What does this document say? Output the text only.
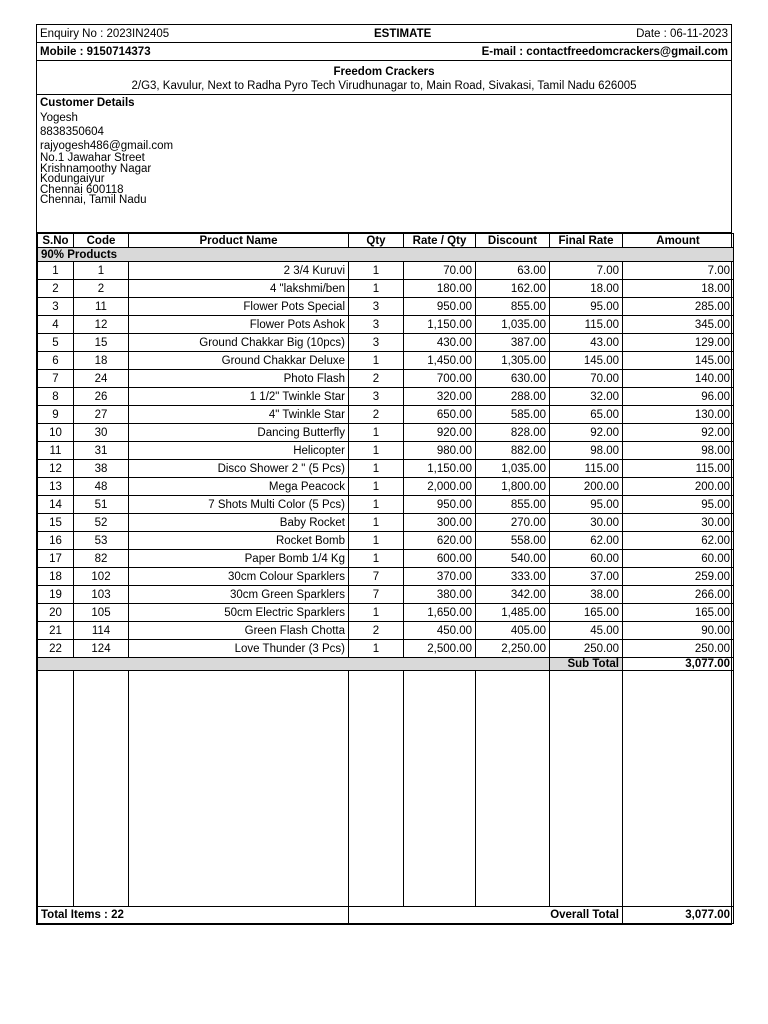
Enquiry No : 2023IN2405	ESTIMATE	Date : 06-11-2023
Mobile : 9150714373	E-mail : contactfreedomcrackers@gmail.com
Freedom Crackers
2/G3, Kavulur, Next to Radha Pyro Tech Virudhunagar to, Main Road, Sivakasi, Tamil Nadu 626005
Customer Details
Yogesh
8838350604
rajyogesh486@gmail.com
No.1 Jawahar Street
Krishnamoothy Nagar
Kodungaiyur
Chennai 600118
Chennai, Tamil Nadu
S.No	Code	Product Name	Qty	Rate / Qty	Discount	Final Rate	Amount
90% Products							
1	1	2 3/4 Kuruvi	1	70.00	63.00	7.00	7.00
2	2	4 "lakshmi/ben	1	180.00	162.00	18.00	18.00
3	11	Flower Pots Special	3	950.00	855.00	95.00	285.00
4	12	Flower Pots Ashok	3	1,150.00	1,035.00	115.00	345.00
5	15	Ground Chakkar Big (10pcs)	3	430.00	387.00	43.00	129.00
6	18	Ground Chakkar Deluxe	1	1,450.00	1,305.00	145.00	145.00
7	24	Photo Flash	2	700.00	630.00	70.00	140.00
8	26	1 1/2" Twinkle Star	3	320.00	288.00	32.00	96.00
9	27	4" Twinkle Star	2	650.00	585.00	65.00	130.00
10	30	Dancing Butterfly	1	920.00	828.00	92.00	92.00
11	31	Helicopter	1	980.00	882.00	98.00	98.00
12	38	Disco Shower 2 " (5 Pcs)	1	1,150.00	1,035.00	115.00	115.00
13	48	Mega Peacock	1	2,000.00	1,800.00	200.00	200.00
14	51	7 Shots Multi Color (5 Pcs)	1	950.00	855.00	95.00	95.00
15	52	Baby Rocket	1	300.00	270.00	30.00	30.00
16	53	Rocket Bomb	1	620.00	558.00	62.00	62.00
17	82	Paper Bomb 1/4 Kg	1	600.00	540.00	60.00	60.00
18	102	30cm Colour Sparklers	7	370.00	333.00	37.00	259.00
19	103	30cm Green Sparklers	7	380.00	342.00	38.00	266.00
20	105	50cm Electric Sparklers	1	1,650.00	1,485.00	165.00	165.00
21	114	Green Flash Chotta	2	450.00	405.00	45.00	90.00
22	124	Love Thunder (3 Pcs)	1	2,500.00	2,250.00	250.00	250.00
						Sub Total	3,077.00

Total Items : 22			Overall Total				3,077.00
